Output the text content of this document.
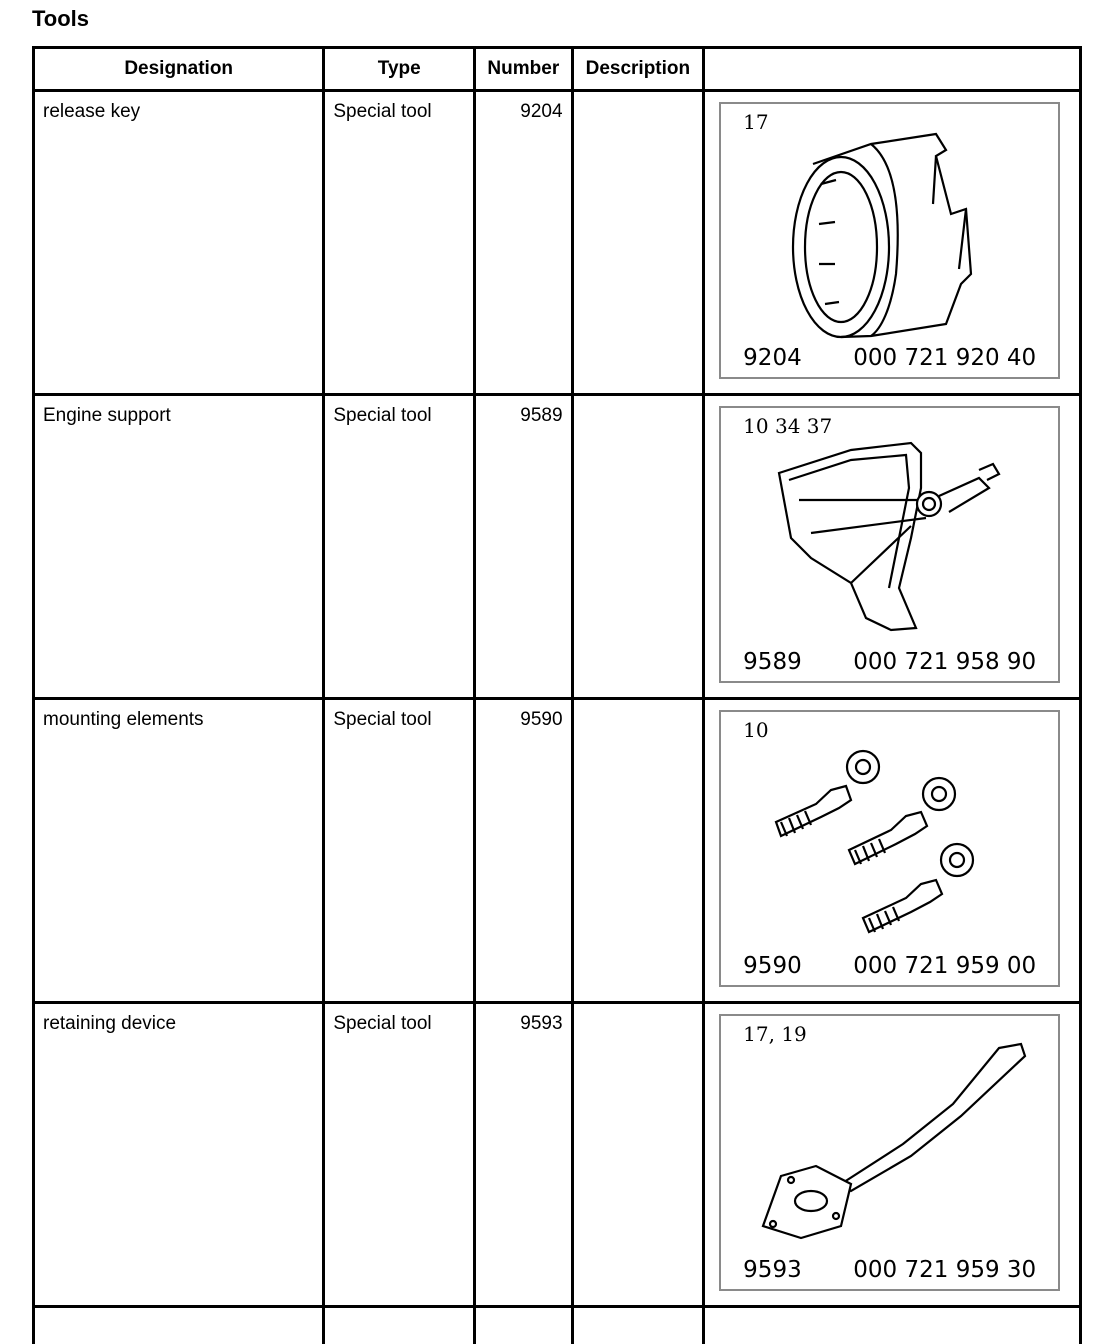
Tools
Designation	Type	Number	Description	
release key	Special tool	9204		17
9204 000 721 920 40

Engine support	Special tool	9589		10 34 37
9589 000 721 958 90

mounting elements	Special tool	9590		10
9590 000 721 959 00

retaining device	Special tool	9593		17, 19
9593 000 721 959 30
